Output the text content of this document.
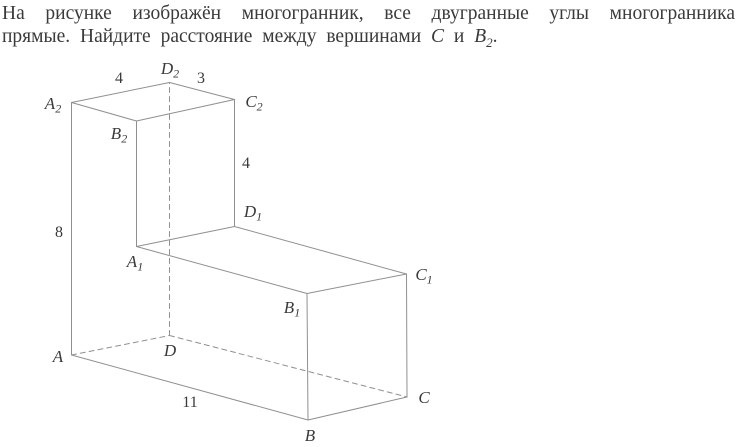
На рисунке изображён многогранник, все двугранные углы многогранника
прямые. Найдите расстояние между вершинами C и $B_2$.
$A_2$
$D_2$
$C_2$
$B_2$
$D_1$
$A_1$
$B_1$
$C_1$
A	D
B
C
4	3
4
8
11
